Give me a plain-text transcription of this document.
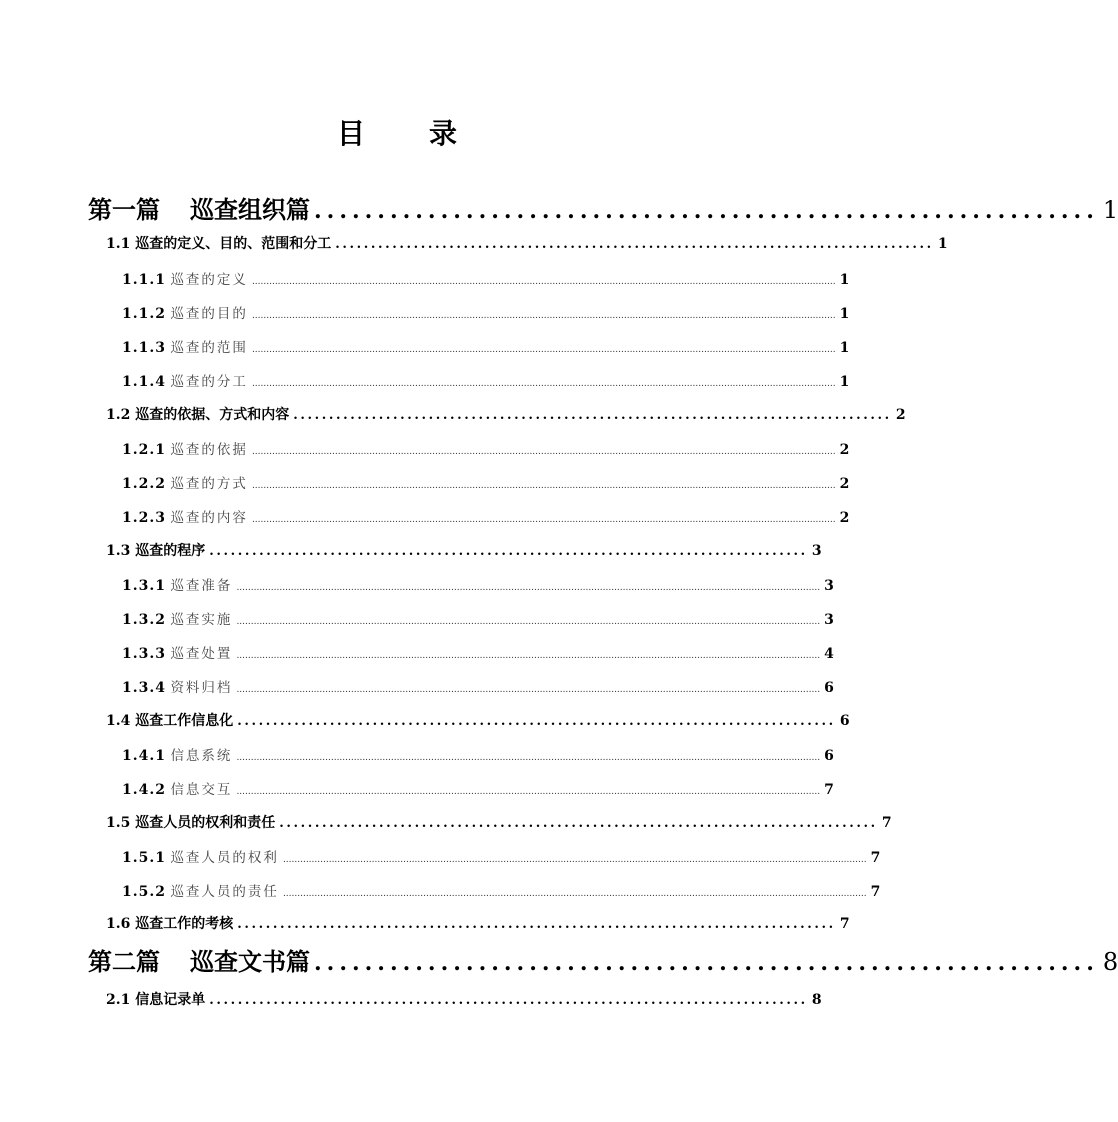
目 录
第一篇 巡查组织篇 .............................................................. 1
1.1 巡查的定义、目的、范围和分工 .................................................................................... 1
1.1.1 巡查的定义 ............................................................................................................................................................................................................ 1
1.1.2 巡查的目的 ............................................................................................................................................................................................................ 1
1.1.3 巡查的范围 ............................................................................................................................................................................................................ 1
1.1.4 巡查的分工 ............................................................................................................................................................................................................ 1
1.2 巡查的依据、方式和内容 .................................................................................... 2
1.2.1 巡查的依据 ............................................................................................................................................................................................................ 2
1.2.2 巡查的方式 ............................................................................................................................................................................................................ 2
1.2.3 巡查的内容 ............................................................................................................................................................................................................ 2
1.3 巡查的程序 .................................................................................... 3
1.3.1 巡查准备 ............................................................................................................................................................................................................ 3
1.3.2 巡查实施 ............................................................................................................................................................................................................ 3
1.3.3 巡查处置 ............................................................................................................................................................................................................ 4
1.3.4 资料归档 ............................................................................................................................................................................................................ 6
1.4 巡查工作信息化 .................................................................................... 6
1.4.1 信息系统 ............................................................................................................................................................................................................ 6
1.4.2 信息交互 ............................................................................................................................................................................................................ 7
1.5 巡查人员的权利和责任 .................................................................................... 7
1.5.1 巡查人员的权利 ............................................................................................................................................................................................................ 7
1.5.2 巡查人员的责任 ............................................................................................................................................................................................................ 7
1.6 巡查工作的考核 .................................................................................... 7
第二篇 巡查文书篇 .............................................................. 8
2.1 信息记录单 .................................................................................... 8
